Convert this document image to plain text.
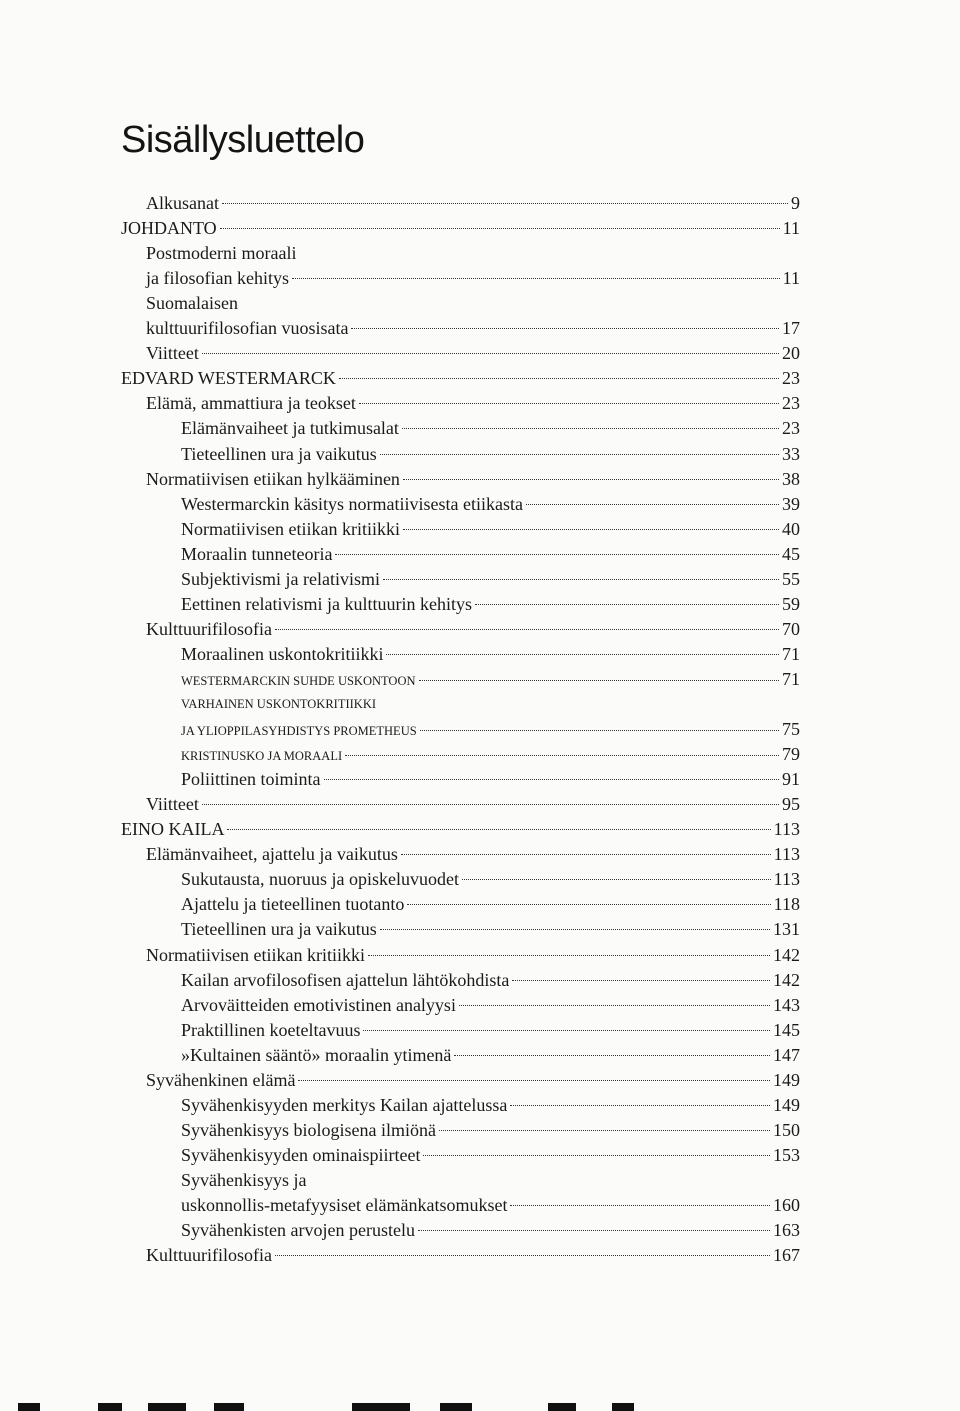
Sisällysluettelo
Alkusanat	9
JOHDANTO	11
Postmoderni moraali
ja filosofian kehitys	11
Suomalaisen
kulttuurifilosofian vuosisata	17
Viitteet	20
EDVARD WESTERMARCK	23
Elämä, ammattiura ja teokset	23
Elämänvaiheet ja tutkimusalat	23
Tieteellinen ura ja vaikutus	33
Normatiivisen etiikan hylkääminen	38
Westermarckin käsitys normatiivisesta etiikasta	39
Normatiivisen etiikan kritiikki	40
Moraalin tunneteoria	45
Subjektivismi ja relativismi	55
Eettinen relativismi ja kulttuurin kehitys	59
Kulttuurifilosofia	70
Moraalinen uskontokritiikki	71
WESTERMARCKIN SUHDE USKONTOON	71
VARHAINEN USKONTOKRITIIKKI
JA YLIOPPILASYHDISTYS PROMETHEUS	75
KRISTINUSKO JA MORAALI	79
Poliittinen toiminta	91
Viitteet	95
EINO KAILA	113
Elämänvaiheet, ajattelu ja vaikutus	113
Sukutausta, nuoruus ja opiskeluvuodet	113
Ajattelu ja tieteellinen tuotanto	118
Tieteellinen ura ja vaikutus	131
Normatiivisen etiikan kritiikki	142
Kailan arvofilosofisen ajattelun lähtökohdista	142
Arvoväitteiden emotivistinen analyysi	143
Praktillinen koeteltavuus	145
»Kultainen sääntö» moraalin ytimenä	147
Syvähenkinen elämä	149
Syvähenkisyyden merkitys Kailan ajattelussa	149
Syvähenkisyys biologisena ilmiönä	150
Syvähenkisyyden ominaispiirteet	153
Syvähenkisyys ja
uskonnollis-metafyysiset elämänkatsomukset	160
Syvähenkisten arvojen perustelu	163
Kulttuurifilosofia	167
